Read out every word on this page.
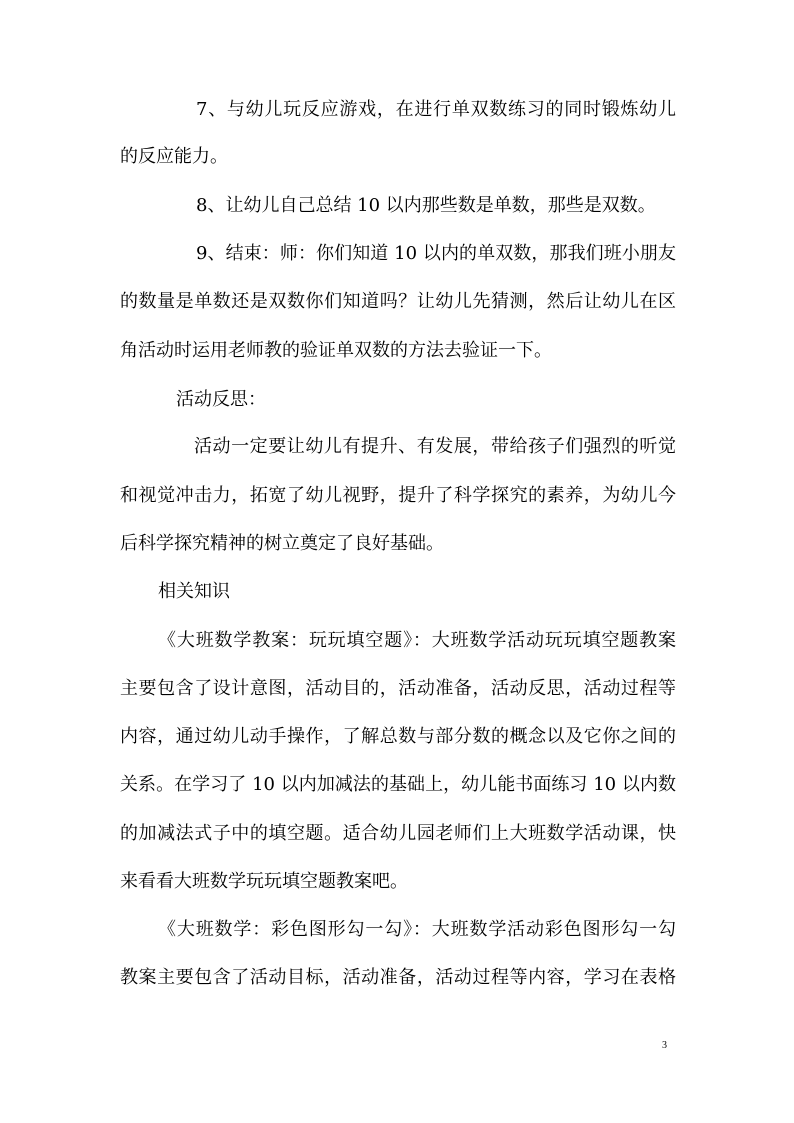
7、与幼儿玩反应游戏，在进行单双数练习的同时锻炼幼儿
的反应能力。
8、让幼儿自己总结 10 以内那些数是单数，那些是双数。
9、结束：师：你们知道 10 以内的单双数，那我们班小朋友
的数量是单数还是双数你们知道吗？让幼儿先猜测，然后让幼儿在区
角活动时运用老师教的验证单双数的方法去验证一下。
活动反思：
活动一定要让幼儿有提升、有发展，带给孩子们强烈的听觉
和视觉冲击力，拓宽了幼儿视野，提升了科学探究的素养，为幼儿今
后科学探究精神的树立奠定了良好基础。
相关知识
《大班数学教案：玩玩填空题》：大班数学活动玩玩填空题教案
主要包含了设计意图，活动目的，活动准备，活动反思，活动过程等
内容，通过幼儿动手操作，了解总数与部分数的概念以及它你之间的
关系。在学习了 10 以内加减法的基础上，幼儿能书面练习 10 以内数
的加减法式子中的填空题。适合幼儿园老师们上大班数学活动课，快
来看看大班数学玩玩填空题教案吧。
《大班数学：彩色图形勾一勾》：大班数学活动彩色图形勾一勾
教案主要包含了活动目标，活动准备，活动过程等内容，学习在表格
3
